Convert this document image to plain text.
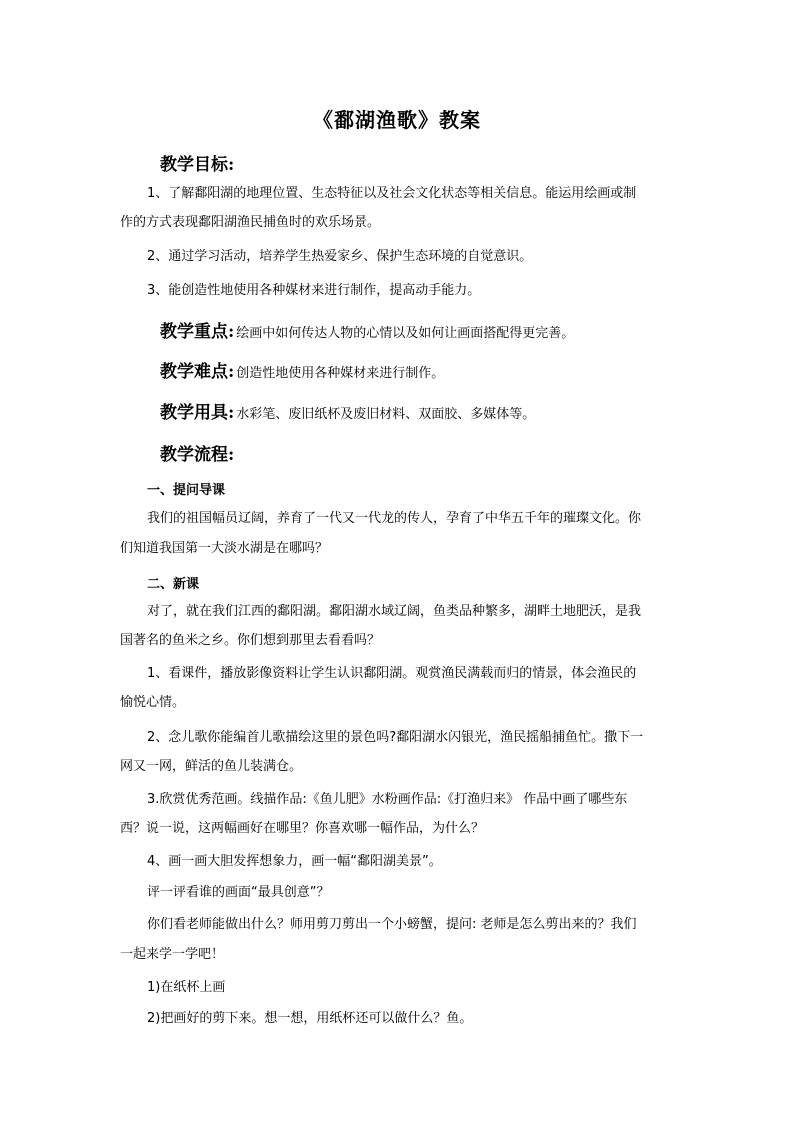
《鄱湖渔歌》教案
教学目标:
1、了解鄱阳湖的地理位置、生态特征以及社会文化状态等相关信息。能运用绘画或制
作的方式表现鄱阳湖渔民捕鱼时的欢乐场景。
2、通过学习活动，培养学生热爱家乡、保护生态环境的自觉意识。
3、能创造性地使用各种媒材来进行制作，提高动手能力。
教学重点: 绘画中如何传达人物的心情以及如何让画面搭配得更完善。
教学难点: 创造性地使用各种媒材来进行制作。
教学用具: 水彩笔、废旧纸杯及废旧材料、双面胶、多媒体等。
教学流程:
一、提问导课
我们的祖国幅员辽阔，养育了一代又一代龙的传人，孕育了中华五千年的璀璨文化。你
们知道我国第一大淡水湖是在哪吗？
二、新课
对了，就在我们江西的鄱阳湖。鄱阳湖水域辽阔，鱼类品种繁多，湖畔土地肥沃，是我
国著名的鱼米之乡。你们想到那里去看看吗？
1、看课件，播放影像资料让学生认识鄱阳湖。观赏渔民满载而归的情景，体会渔民的
愉悦心情。
2、念儿歌你能编首儿歌描绘这里的景色吗?鄱阳湖水闪银光，渔民摇船捕鱼忙。撒下一
网又一网，鲜活的鱼儿装满仓。
3.欣赏优秀范画。线描作品:《鱼儿肥》水粉画作品:《打渔归来》 作品中画了哪些东
西？说一说，这两幅画好在哪里？你喜欢哪一幅作品，为什么？
4、画一画大胆发挥想象力，画一幅“鄱阳湖美景”。
评一评看谁的画面“最具创意”？
你们看老师能做出什么？师用剪刀剪出一个小螃蟹，提问: 老师是怎么剪出来的？我们
一起来学一学吧！
1)在纸杯上画
2)把画好的剪下来。想一想，用纸杯还可以做什么？鱼。
